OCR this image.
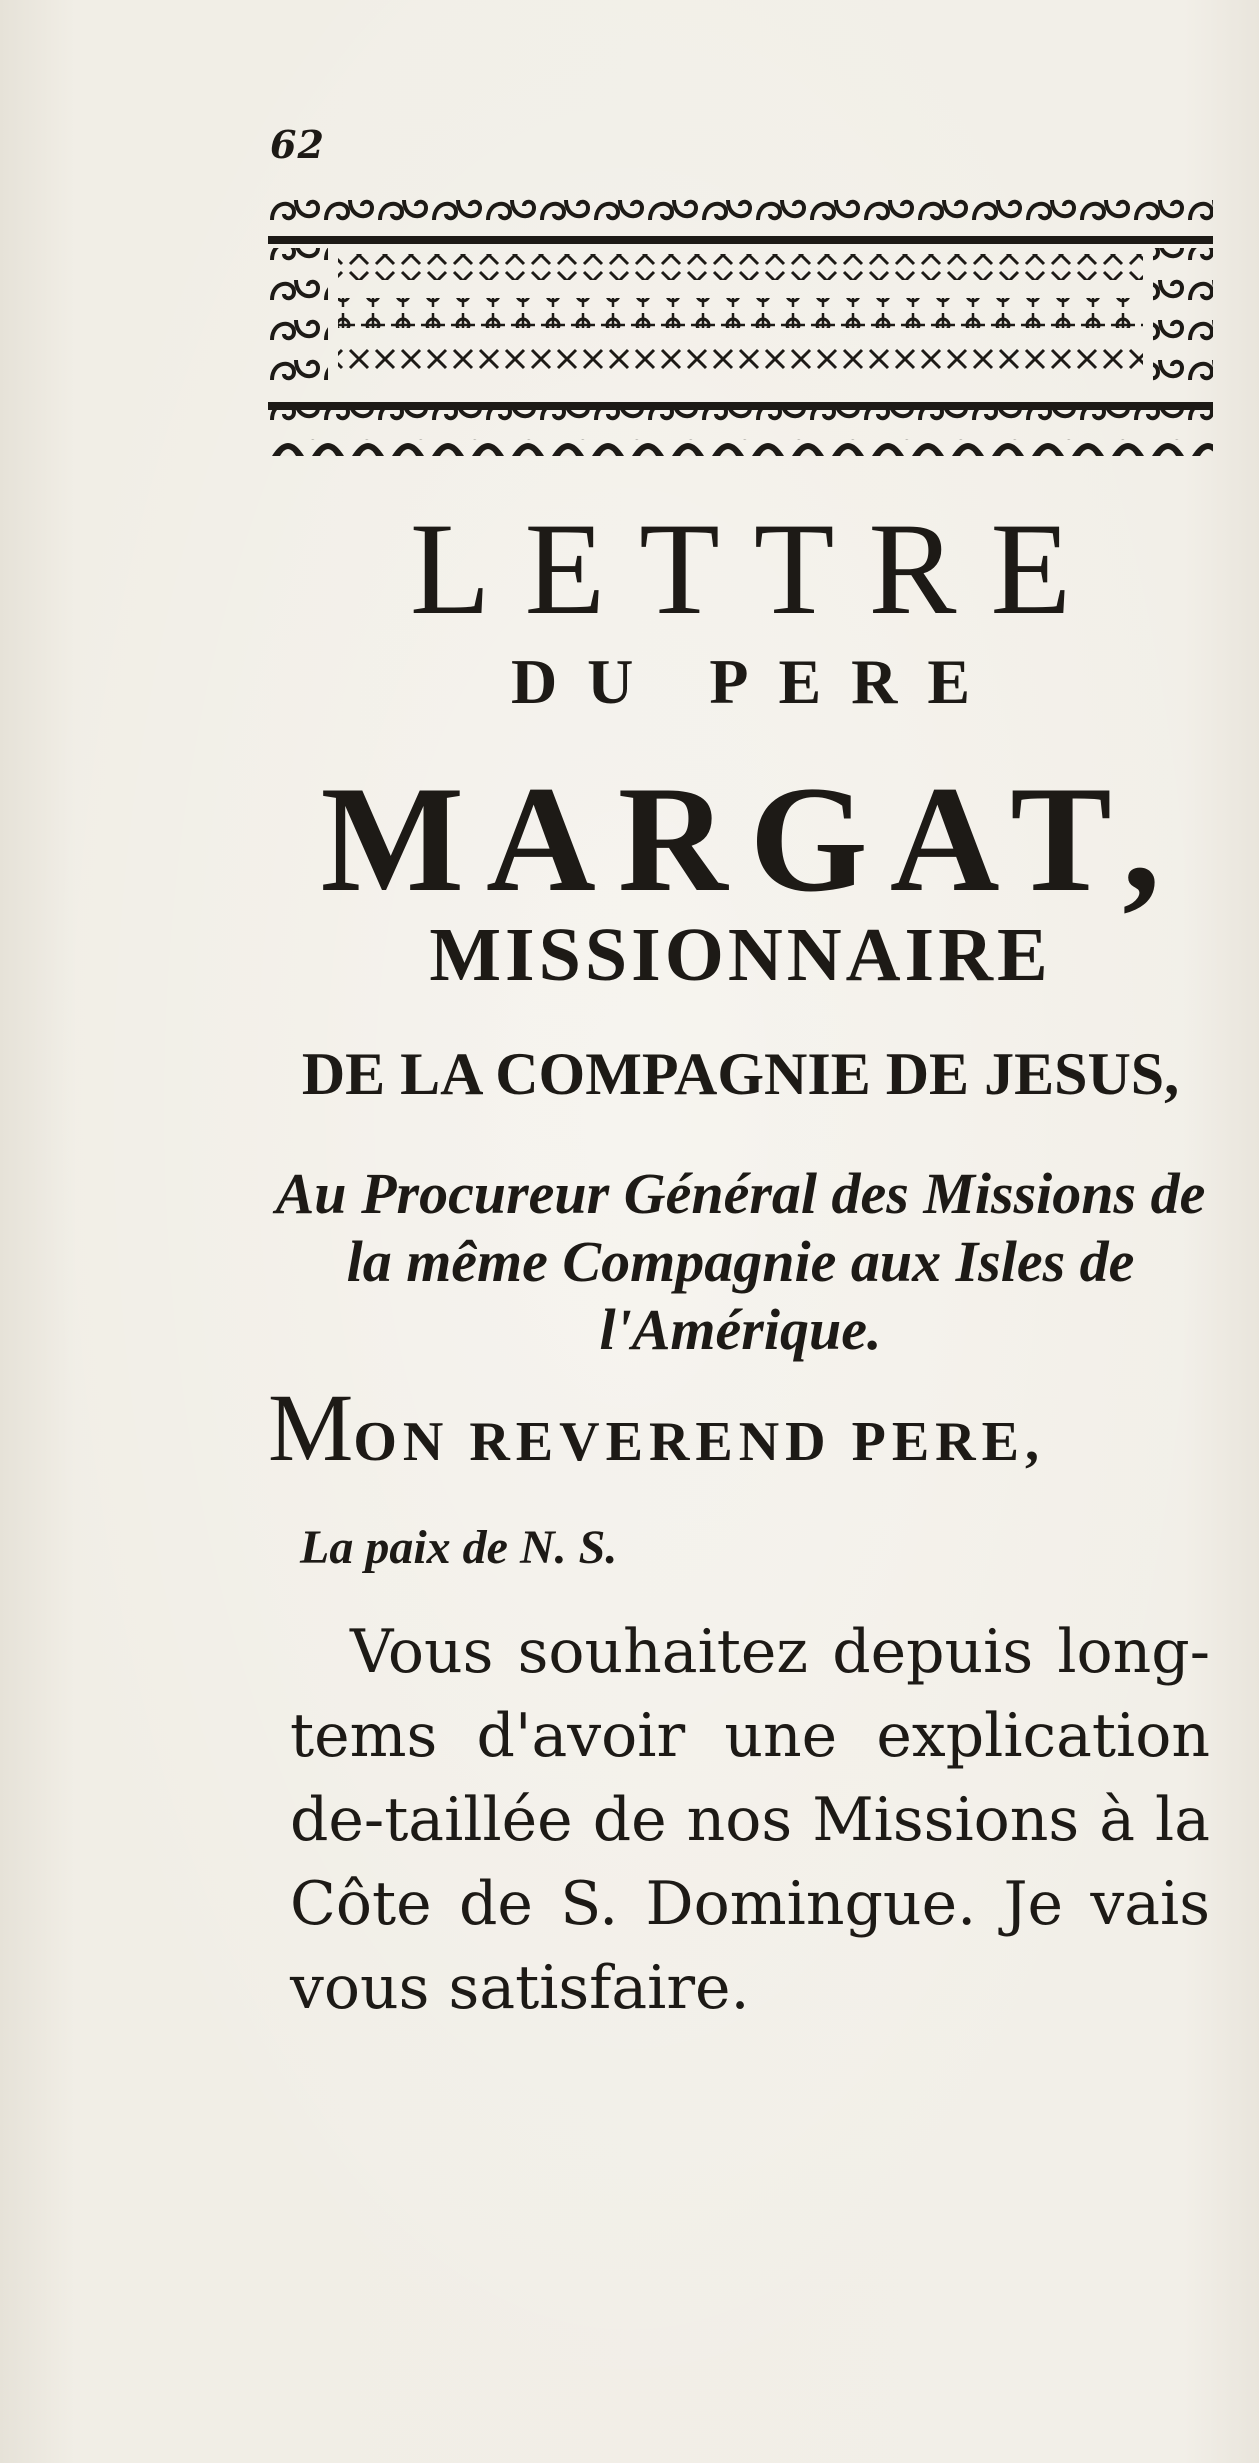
62
LETTRE
DU PERE
MARGAT,
MISSIONNAIRE
DE LA COMPAGNIE DE JESUS,
Au Procureur Général des Missions de
la même Compagnie aux Isles de
l'Amérique.
MON REVEREND PERE,
La paix de N. S.

Vous souhaitez depuis long-tems d'avoir une explication de-taillée de nos Missions à la Côte de S. Domingue. Je vais vous satisfaire.
